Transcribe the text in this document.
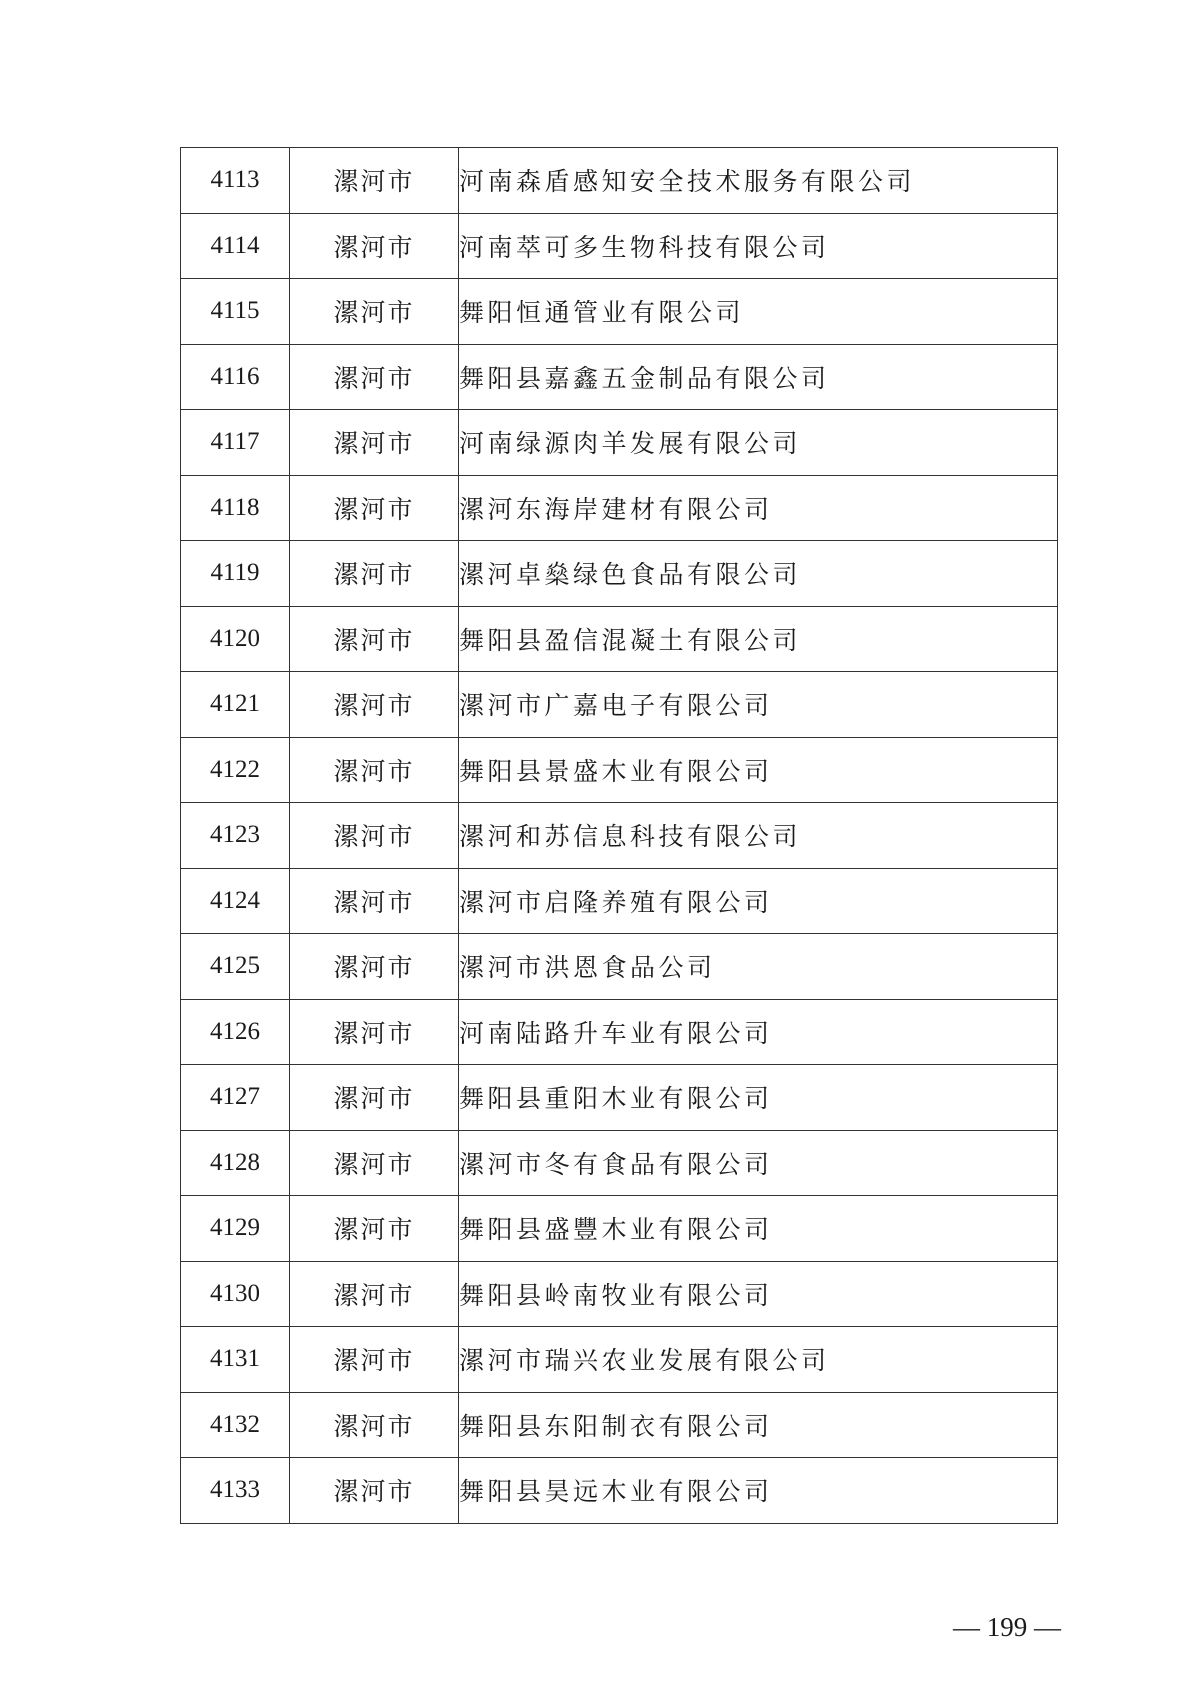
4113	漯河市	河南森盾感知安全技术服务有限公司
4114	漯河市	河南萃可多生物科技有限公司
4115	漯河市	舞阳恒通管业有限公司
4116	漯河市	舞阳县嘉鑫五金制品有限公司
4117	漯河市	河南绿源肉羊发展有限公司
4118	漯河市	漯河东海岸建材有限公司
4119	漯河市	漯河卓燊绿色食品有限公司
4120	漯河市	舞阳县盈信混凝土有限公司
4121	漯河市	漯河市广嘉电子有限公司
4122	漯河市	舞阳县景盛木业有限公司
4123	漯河市	漯河和苏信息科技有限公司
4124	漯河市	漯河市启隆养殖有限公司
4125	漯河市	漯河市洪恩食品公司
4126	漯河市	河南陆路升车业有限公司
4127	漯河市	舞阳县重阳木业有限公司
4128	漯河市	漯河市冬有食品有限公司
4129	漯河市	舞阳县盛豐木业有限公司
4130	漯河市	舞阳县岭南牧业有限公司
4131	漯河市	漯河市瑞兴农业发展有限公司
4132	漯河市	舞阳县东阳制衣有限公司
4133	漯河市	舞阳县昊远木业有限公司
— 199 —
